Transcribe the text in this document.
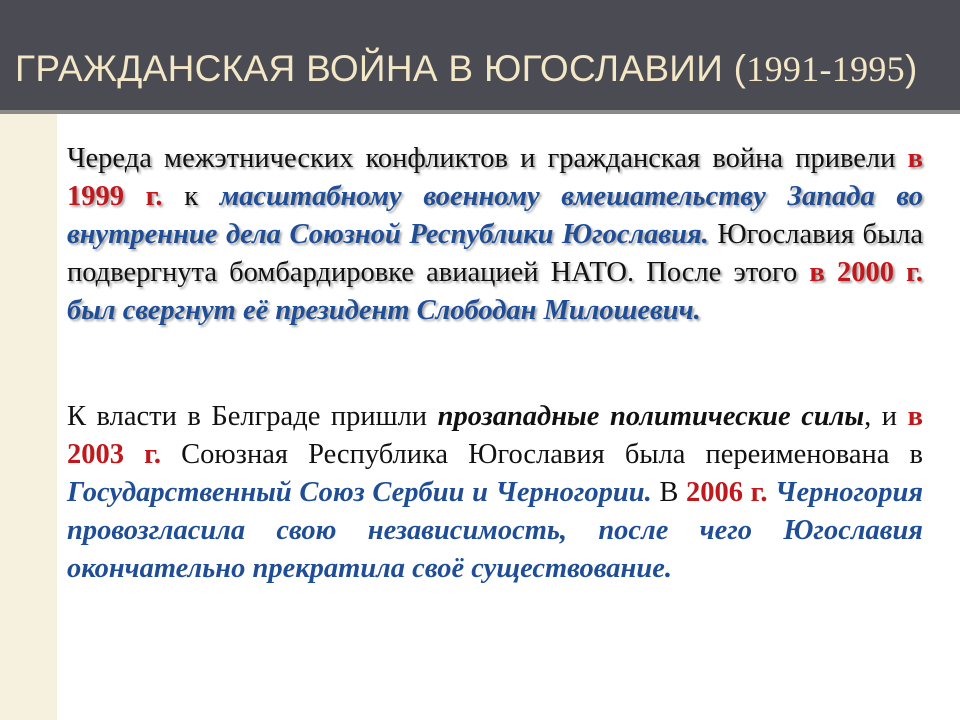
ГРАЖДАНСКАЯ ВОЙНА В ЮГОСЛАВИИ (1991-1995)
Череда межэтнических конфликтов и гражданская война привели в 1999 г. к масштабному военному вмешательству Запада во внутренние дела Союзной Республики Югославия. Югославия была подвергнута бомбардировке авиацией НАТО. После этого в 2000 г. был свергнут её президент Слободан Милошевич.
К власти в Белграде пришли прозападные политические силы, и в 2003 г. Союзная Республика Югославия была переименована в Государственный Союз Сербии и Черногории. В 2006 г. Черногория провозгласила свою независимость, после чего Югославия окончательно прекратила своё существование.
